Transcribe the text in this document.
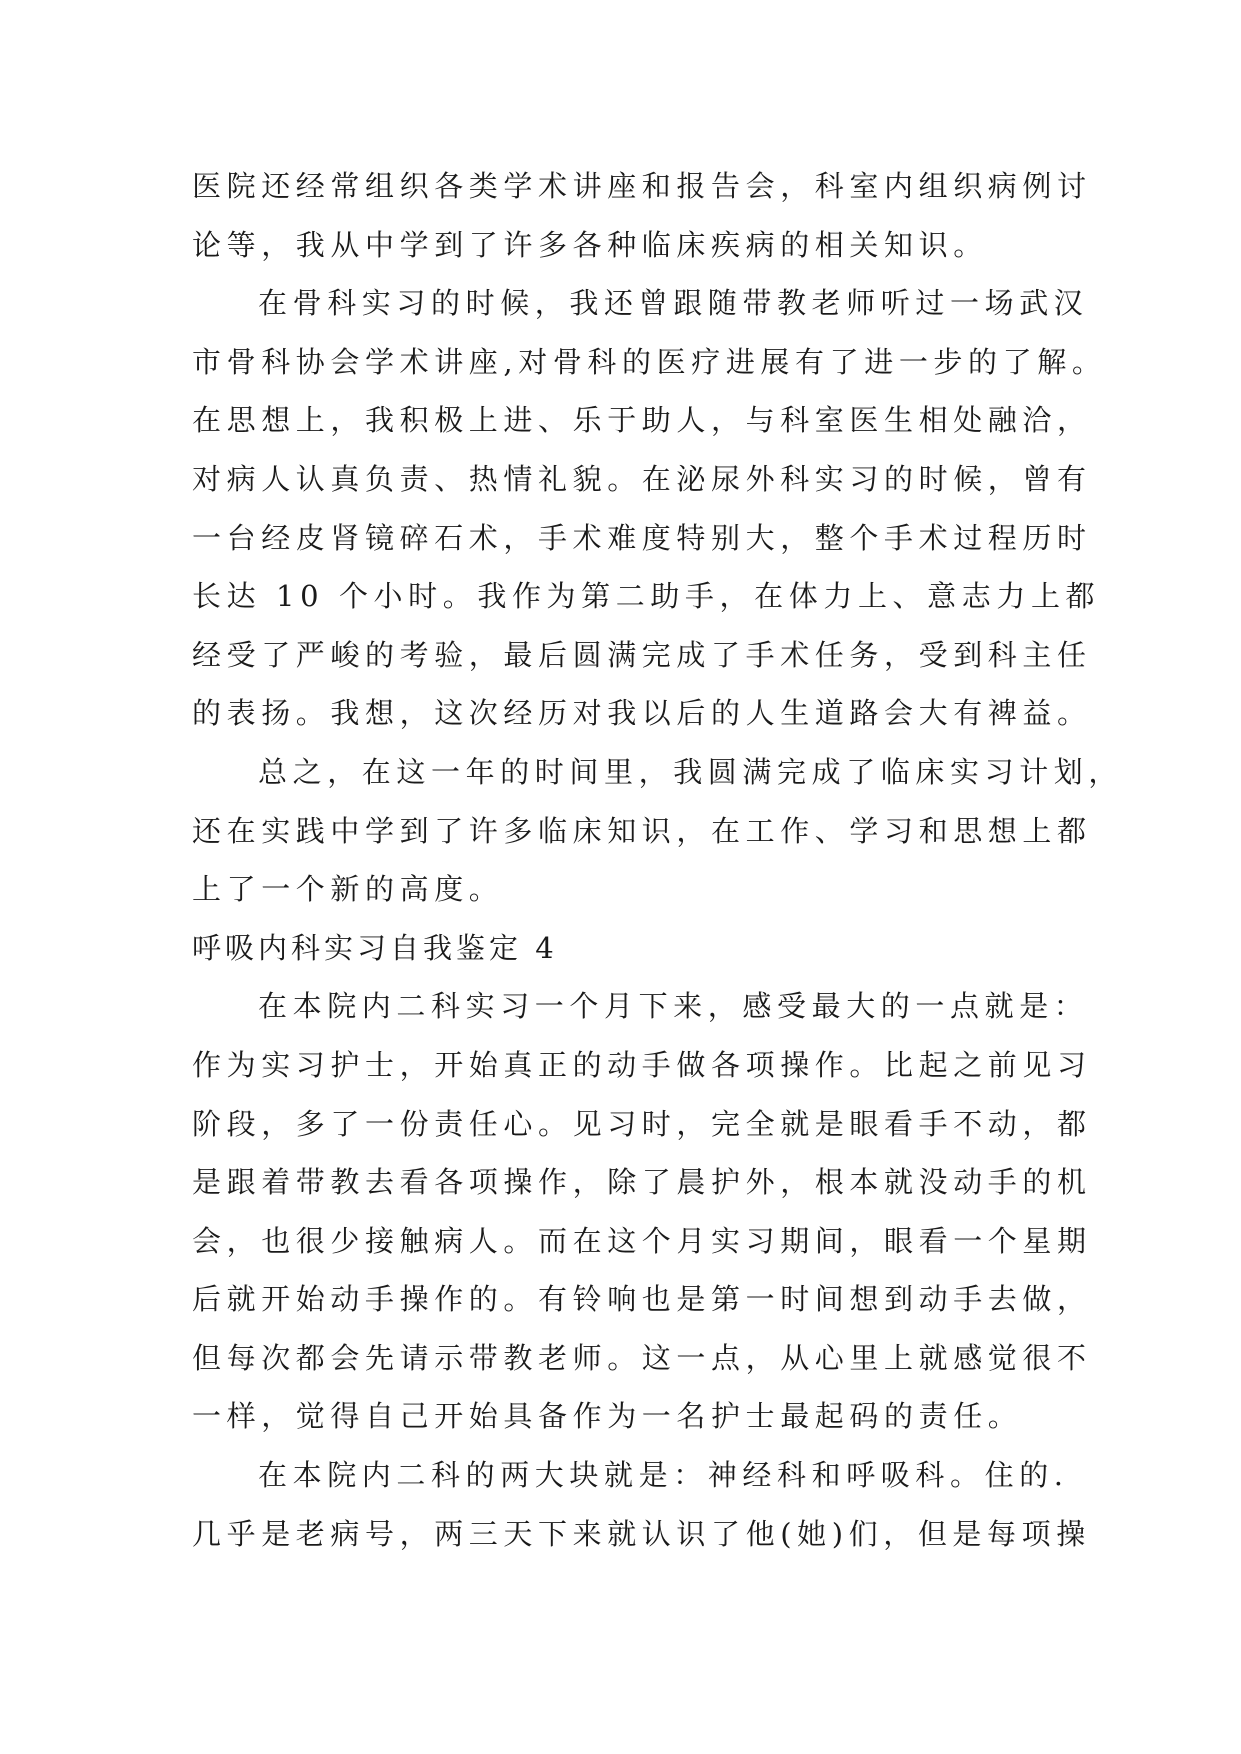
医院还经常组织各类学术讲座和报告会，科室内组织病例讨
论等，我从中学到了许多各种临床疾病的相关知识。
在骨科实习的时候，我还曾跟随带教老师听过一场武汉
市骨科协会学术讲座,对骨科的医疗进展有了进一步的了解。
在思想上，我积极上进、乐于助人，与科室医生相处融洽，
对病人认真负责、热情礼貌。在泌尿外科实习的时候，曾有
一台经皮肾镜碎石术，手术难度特别大，整个手术过程历时
长达 10 个小时。我作为第二助手，在体力上、意志力上都
经受了严峻的考验，最后圆满完成了手术任务，受到科主任
的表扬。我想，这次经历对我以后的人生道路会大有裨益。
总之，在这一年的时间里，我圆满完成了临床实习计划，
还在实践中学到了许多临床知识，在工作、学习和思想上都
上了一个新的高度。
呼吸内科实习自我鉴定 4
在本院内二科实习一个月下来，感受最大的一点就是：
作为实习护士，开始真正的动手做各项操作。比起之前见习
阶段，多了一份责任心。见习时，完全就是眼看手不动，都
是跟着带教去看各项操作，除了晨护外，根本就没动手的机
会，也很少接触病人。而在这个月实习期间，眼看一个星期
后就开始动手操作的。有铃响也是第一时间想到动手去做，
但每次都会先请示带教老师。这一点，从心里上就感觉很不
一样，觉得自己开始具备作为一名护士最起码的责任。
在本院内二科的两大块就是：神经科和呼吸科。住的.
几乎是老病号，两三天下来就认识了他(她)们，但是每项操
